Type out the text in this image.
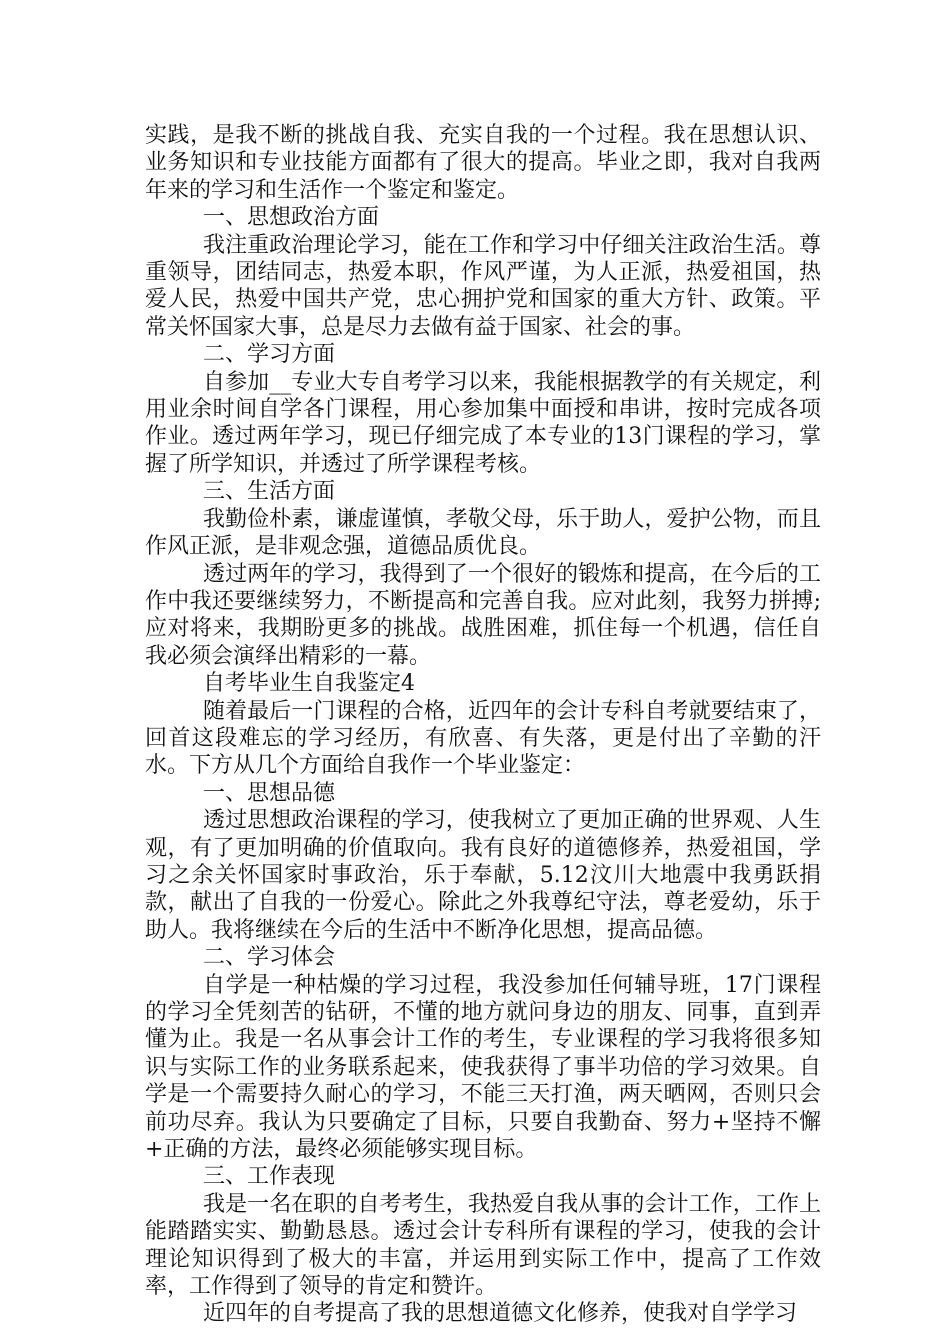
实践，是我不断的挑战自我、充实自我的一个过程。我在思想认识、业务知识和专业技能方面都有了很大的提高。毕业之即，我对自我两年来的学习和生活作一个鉴定和鉴定。

一、思想政治方面

我注重政治理论学习，能在工作和学习中仔细关注政治生活。尊重领导，团结同志，热爱本职，作风严谨，为人正派，热爱祖国，热爱人民，热爱中国共产党，忠心拥护党和国家的重大方针、政策。平常关怀国家大事，总是尽力去做有益于国家、社会的事。

二、学习方面

自参加__专业大专自考学习以来，我能根据教学的有关规定，利用业余时间自学各门课程，用心参加集中面授和串讲，按时完成各项作业。透过两年学习，现已仔细完成了本专业的13门课程的学习，掌握了所学知识，并透过了所学课程考核。

三、生活方面

我勤俭朴素，谦虚谨慎，孝敬父母，乐于助人，爱护公物，而且作风正派，是非观念强，道德品质优良。

透过两年的学习，我得到了一个很好的锻炼和提高，在今后的工作中我还要继续努力，不断提高和完善自我。应对此刻，我努力拼搏;应对将来，我期盼更多的挑战。战胜困难，抓住每一个机遇，信任自我必须会演绎出精彩的一幕。

自考毕业生自我鉴定4

随着最后一门课程的合格，近四年的会计专科自考就要结束了，回首这段难忘的学习经历，有欣喜、有失落，更是付出了辛勤的汗水。下方从几个方面给自我作一个毕业鉴定：

一、思想品德

透过思想政治课程的学习，使我树立了更加正确的世界观、人生观，有了更加明确的价值取向。我有良好的道德修养，热爱祖国，学习之余关怀国家时事政治，乐于奉献，5.12汶川大地震中我勇跃捐款，献出了自我的一份爱心。除此之外我尊纪守法，尊老爱幼，乐于助人。我将继续在今后的生活中不断净化思想，提高品德。

二、学习体会

自学是一种枯燥的学习过程，我没参加任何辅导班，17门课程的学习全凭刻苦的钻研，不懂的地方就问身边的朋友、同事，直到弄懂为止。我是一名从事会计工作的考生，专业课程的学习我将很多知识与实际工作的业务联系起来，使我获得了事半功倍的学习效果。自学是一个需要持久耐心的学习，不能三天打渔，两天晒网，否则只会前功尽弃。我认为只要确定了目标，只要自我勤奋、努力+坚持不懈+正确的方法，最终必须能够实现目标。

三、工作表现

我是一名在职的自考考生，我热爱自我从事的会计工作，工作上能踏踏实实、勤勤恳恳。透过会计专科所有课程的学习，使我的会计理论知识得到了极大的丰富，并运用到实际工作中，提高了工作效率，工作得到了领导的肯定和赞许。

近四年的自考提高了我的思想道德文化修养，使我对自学学习
